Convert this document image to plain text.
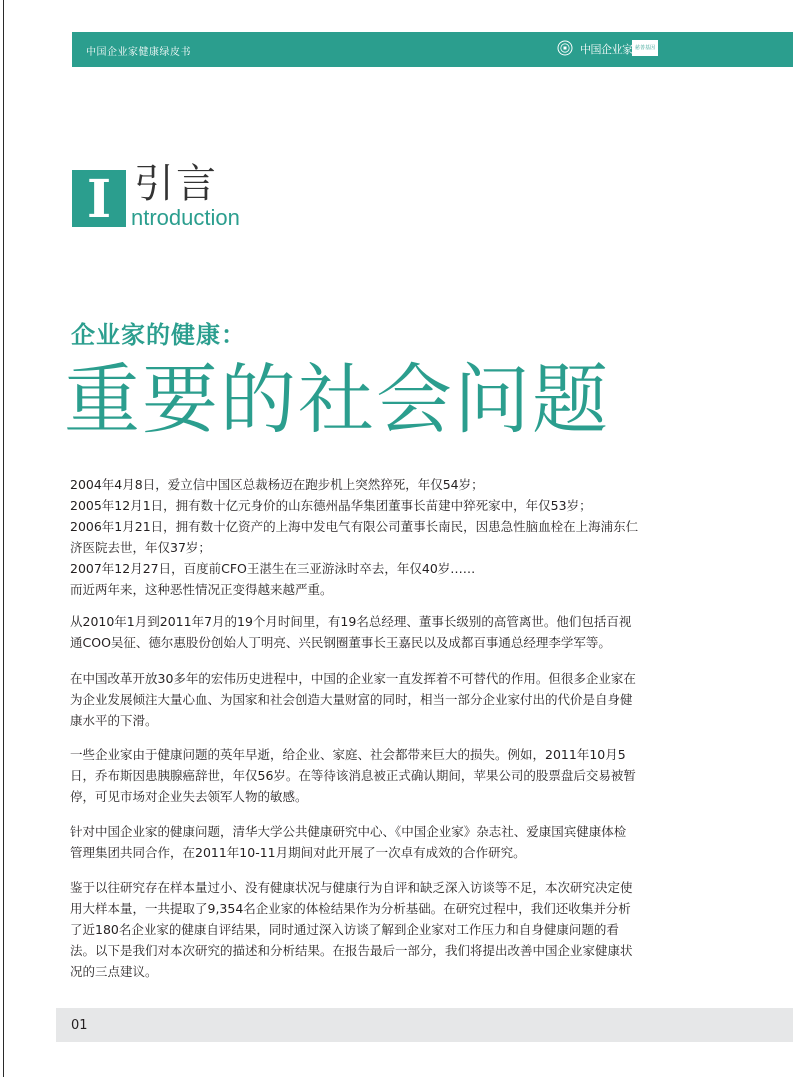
中国企业家健康绿皮书	中国企业家 慈善基因
I 引言
ntroduction
企业家的健康：
重要的社会问题

2004年4月8日，爱立信中国区总裁杨迈在跑步机上突然猝死，年仅54岁；

2005年12月1日，拥有数十亿元身价的山东德州晶华集团董事长苗建中猝死家中，年仅53岁；

2006年1月21日，拥有数十亿资产的上海中发电气有限公司董事长南民，因患急性脑血栓在上海浦东仁济医院去世，年仅37岁；

2007年12月27日，百度前CFO王湛生在三亚游泳时卒去，年仅40岁……

而近两年来，这种恶性情况正变得越来越严重。

从2010年1月到2011年7月的19个月时间里，有19名总经理、董事长级别的高管离世。他们包括百视通COO吴征、德尔惠股份创始人丁明亮、兴民钢圈董事长王嘉民以及成都百事通总经理李学军等。

在中国改革开放30多年的宏伟历史进程中，中国的企业家一直发挥着不可替代的作用。但很多企业家在为企业发展倾注大量心血、为国家和社会创造大量财富的同时，相当一部分企业家付出的代价是自身健康水平的下滑。

一些企业家由于健康问题的英年早逝，给企业、家庭、社会都带来巨大的损失。例如，2011年10月5日，乔布斯因患胰腺癌辞世，年仅56岁。在等待该消息被正式确认期间，苹果公司的股票盘后交易被暂停，可见市场对企业失去领军人物的敏感。

针对中国企业家的健康问题，清华大学公共健康研究中心、《中国企业家》杂志社、爱康国宾健康体检管理集团共同合作，在2011年10-11月期间对此开展了一次卓有成效的合作研究。

鉴于以往研究存在样本量过小、没有健康状况与健康行为自评和缺乏深入访谈等不足，本次研究决定使用大样本量，一共提取了9,354名企业家的体检结果作为分析基础。在研究过程中，我们还收集并分析了近180名企业家的健康自评结果，同时通过深入访谈了解到企业家对工作压力和自身健康问题的看法。以下是我们对本次研究的描述和分析结果。在报告最后一部分，我们将提出改善中国企业家健康状况的三点建议。

01
